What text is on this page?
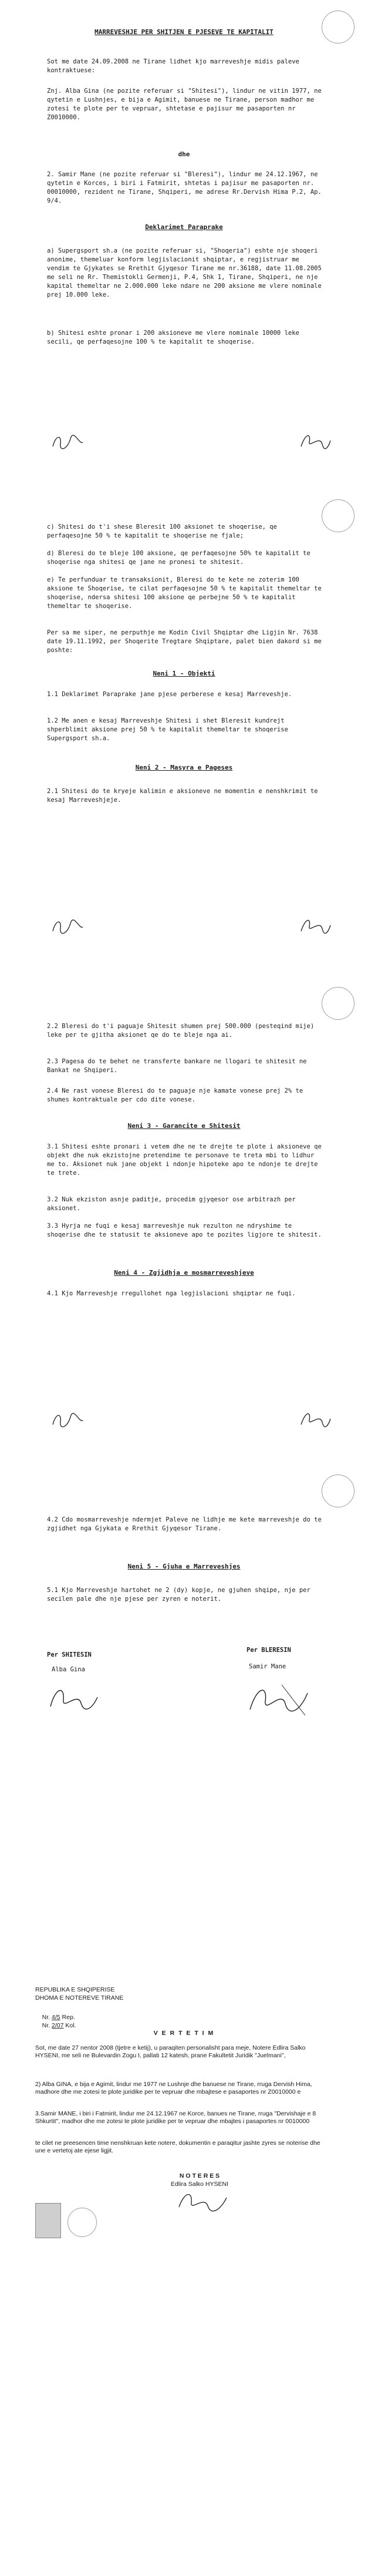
MARREVESHJE PER SHITJEN E PJESEVE TE KAPITALIT
Sot me date 24.09.2008 ne Tirane lidhet kjo marreveshje midis paleve kontraktuese:
Znj. Alba Gina (ne pozite referuar si "Shitesi"), lindur ne vitin 1977, ne qytetin e Lushnjes, e bija e Agimit, banuese ne Tirane, person madhor me zotesi te plote per te vepruar, shtetase e pajisur me pasaporten nr Z0010000.
dhe
2. Samir Mane (ne pozite referuar si "Bleresi"), lindur me 24.12.1967, ne qytetin e Korces, i biri i Fatmirit, shtetas i pajisur me pasaporten nr. 00010000, rezident ne Tirane, Shqiperi, me adrese Rr.Dervish Hima P.2, Ap. 9/4.
Deklarimet Paraprake
a) Supergsport sh.a (ne pozite referuar si, "Shoqeria") eshte nje shoqeri anonime, themeluar konform legjislacionit shqiptar, e regjistruar me vendim te Gjykates se Rrethit Gjyqesor Tirane me nr.36188, date 11.08.2005 me seli ne Rr. Themistokli Germenji, P.4, Shk 1, Tirane, Shqiperi, ne nje kapital themeltar ne 2.000.000 leke ndare ne 200 aksione me vlere nominale prej 10.000 leke.
b) Shitesi eshte pronar i 200 aksioneve me vlere nominale 10000 leke secili, qe perfaqesojne 100 % te kapitalit te shoqerise.
c) Shitesi do t'i shese Bleresit 100 aksionet te shoqerise, qe perfaqesojne 50 % te kapitalit te shoqerise ne fjale;
d) Bleresi do te bleje 100 aksione, qe perfaqesojne 50% te kapitalit te shoqerise nga shitesi qe jane ne pronesi te shitesit.
e) Te perfunduar te transaksionit, Bleresi do te kete ne zoterim 100 aksione te Shoqerise, te cilat perfaqesojne 50 % te kapitalit themeltar te shoqerise, ndersa shitesi 100 aksione qe perbejne 50 % te kapitalit themeltar te shoqerise.
Per sa me siper, ne perputhje me Kodin Civil Shqiptar dhe Ligjin Nr. 7638 date 19.11.1992, per Shoqerite Tregtare Shqiptare, palet bien dakord si me poshte:
Neni 1 - Objekti
1.1 Deklarimet Paraprake jane pjese perberese e kesaj Marreveshje.
1.2 Me anen e kesaj Marreveshje Shitesi i shet Bleresit kundrejt shperblimit aksione prej 50 % te kapitalit themeltar te shoqerise Supergsport sh.a.
Neni 2 - Masyra e Pageses
2.1 Shitesi do te kryeje kalimin e aksioneve ne momentin e nenshkrimit te kesaj Marreveshjeje.
2.2 Bleresi do t'i paguaje Shitesit shumen prej 500.000 (pesteqind mije) leke per te gjitha aksionet qe do te bleje nga ai.
2.3 Pagesa do te behet ne transferte bankare ne llogari te shitesit ne Bankat ne Shqiperi.
2.4 Ne rast vonese Bleresi do te paguaje nje kamate vonese prej 2% te shumes kontraktuale per cdo dite vonese.
Neni 3 - Garancite e Shitesit
3.1 Shitesi eshte pronari i vetem dhe ne te drejte te plote i aksioneve qe objekt dhe nuk ekzistojne pretendime te personave te treta mbi to lidhur me to. Aksionet nuk jane objekt i ndonje hipoteke apo te ndonje te drejte te trete.
3.2 Nuk ekziston asnje paditje, procedim gjyqesor ose arbitrazh per aksionet.
3.3 Hyrja ne fuqi e kesaj marreveshje nuk rezulton ne ndryshime te shoqerise dhe te statusit te aksioneve apo te pozites ligjore te shitesit.
Neni 4 - Zgjidhja e mosmarreveshjeve
4.1 Kjo Marreveshje rregullohet nga legjislacioni shqiptar ne fuqi.
4.2 Cdo mosmarreveshje ndermjet Paleve ne lidhje me kete marreveshje do te zgjidhet nga Gjykata e Rrethit Gjyqesor Tirane.
Neni 5 - Gjuha e Marreveshjes
5.1 Kjo Marreveshje hartohet ne 2 (dy) kopje, ne gjuhen shqipe, nje per secilen pale dhe nje pjese per zyren e noterit.
Per SHITESIN
Per BLERESIN
Alba Gina	Samir Mane
REPUBLIKA E SHQIPERISE
DHOMA E NOTEREVE TIRANE

Nr. 4/5 Rep.

Nr. 2/07 Kol.

V E R T E T I M
Sot, me date 27 nentor 2008 (tjetre e ketij), u paraqiten personalisht para meje, Notere Edlira Salko HYSENI, me seli ne Bulevardin Zogu I, pallati 12 katesh, prane Fakultetit Juridik "Juelmani",
2) Alba GINA, e bija e Agimit, lindur me 1977 ne Lushnje dhe banuese ne Tirane, rruga Dervish Hima, madhore dhe me zotesi te plote juridike per te vepruar dhe mbajtese e pasaportes nr Z0010000 e
3.Samir MANE, i biri i Fatmirit, lindur me 24.12.1967 ne Korce, banues ne Tirane, rruga "Dervishaje e 8 Shkurtit", madhor dhe me zotesi te plote juridike per te vepruar dhe mbajtes i pasaportes nr 0010000
te cilet ne preesencen time nenshkruan kete notere, dokumentin e paraqitur jashte zyres se noterise dhe une e vertetoj ate ejese ligjit.
N O T E R E S
Edlira Salko HYSENI
